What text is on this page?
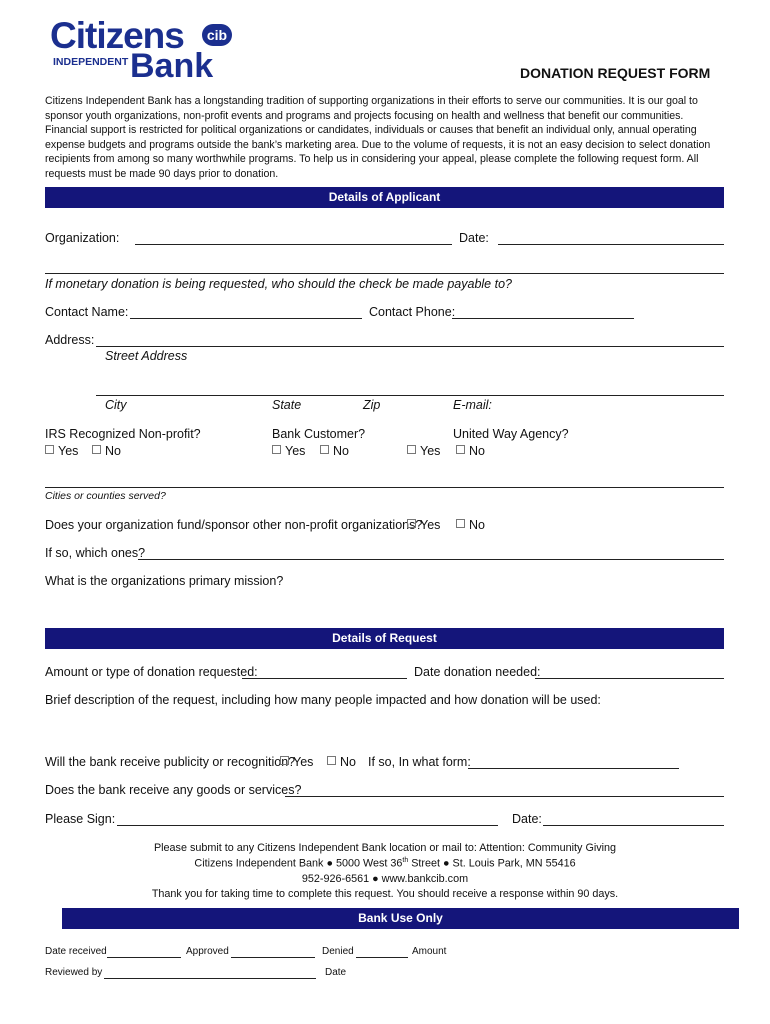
Citizens	cib
INDEPENDENT Bank	DONATION REQUEST FORM
Citizens Independent Bank has a longstanding tradition of supporting organizations in their efforts to serve our communities. It is our goal to sponsor youth organizations, non-profit events and programs and projects focusing on health and wellness that benefit our communities. Financial support is restricted for political organizations or candidates, individuals or causes that benefit an individual only, annual operating expense budgets and programs outside the bank’s marketing area. Due to the volume of requests, it is not an easy decision to select donation recipients from among so many worthwhile programs. To help us in considering your appeal, please complete the following request form. All requests must be made 90 days prior to donation.
Details of Applicant
Organization:	Date:
If monetary donation is being requested, who should the check be made payable to?
Contact Name:	Contact Phone:
Address:
Street Address
City	State	Zip	E-mail:
IRS Recognized Non-profit?	Bank Customer?	United Way Agency?
Yes	No	Yes	No	Yes	No
Cities or counties served?
Does your organization fund/sponsor other non-profit organizations?
Yes	No
If so, which ones?
What is the organizations primary mission?
Details of Request
Amount or type of donation requested:	Date donation needed:
Brief description of the request, including how many people impacted and how donation will be used:
Will the bank receive publicity or recognition?
Yes	No If so, In what form:
Does the bank receive any goods or services?
Please Sign:	Date:
Please submit to any Citizens Independent Bank location or mail to: Attention: Community Giving
Citizens Independent Bank ● 5000 West 36th Street ● St. Louis Park, MN 55416
952-926-6561 ● www.bankcib.com
Thank you for taking time to complete this request. You should receive a response within 90 days.
Bank Use Only
Date received	Approved	Denied	Amount
Reviewed by	Date
